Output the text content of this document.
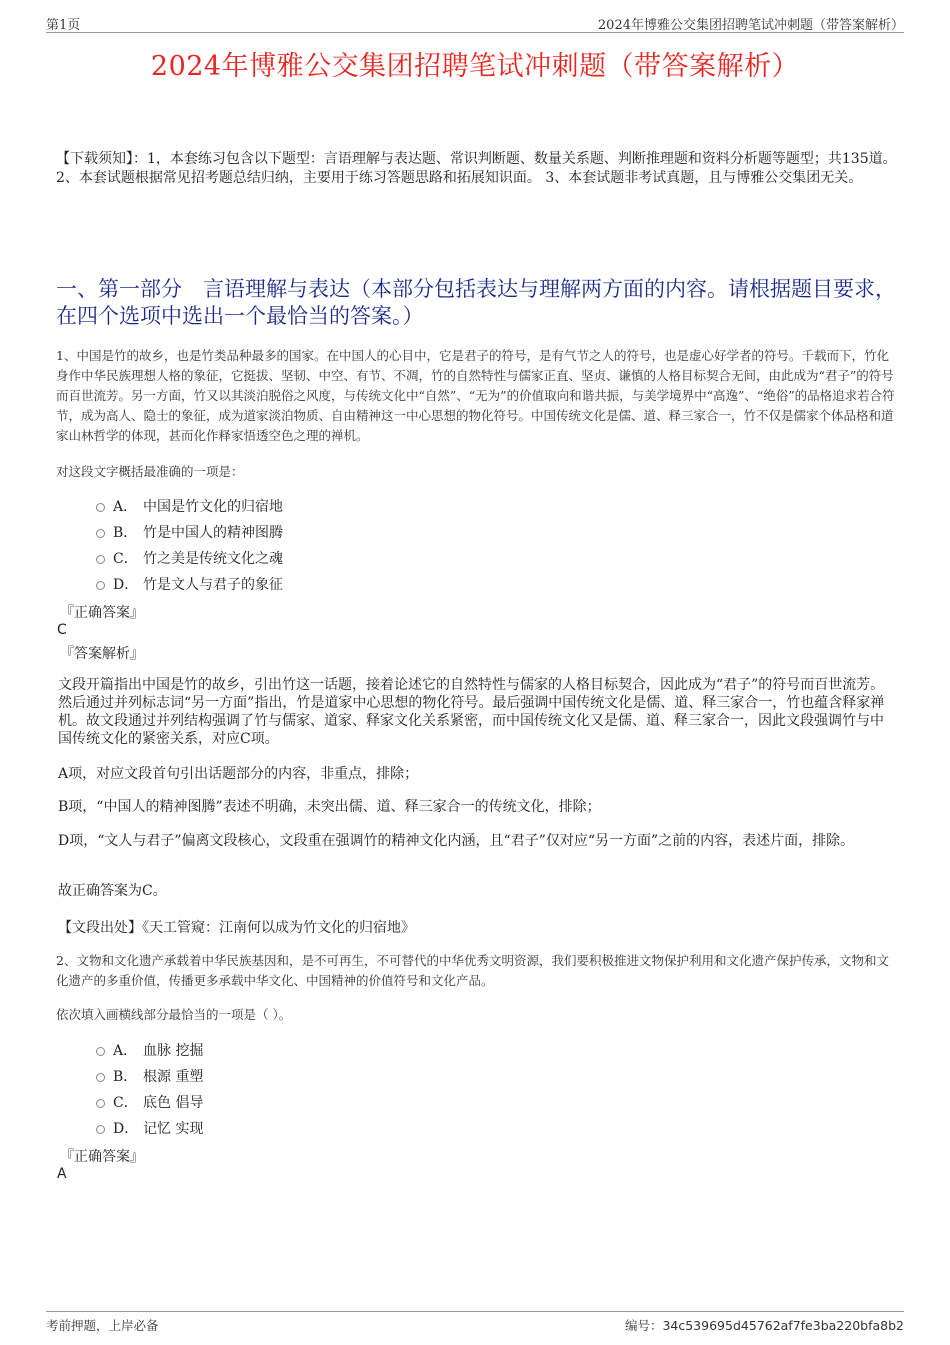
第1页	2024年博雅公交集团招聘笔试冲刺题（带答案解析）
2024年博雅公交集团招聘笔试冲刺题（带答案解析）
【下载须知】：1，本套练习包含以下题型：言语理解与表达题、常识判断题、数量关系题、判断推理题和资料分析题等题型；共135道。 2、本套试题根据常见招考题总结归纳，主要用于练习答题思路和拓展知识面。 3、本套试题非考试真题，且与博雅公交集团无关。
一、第一部分　言语理解与表达（本部分包括表达与理解两方面的内容。请根据题目要求，在四个选项中选出一个最恰当的答案。）
1、中国是竹的故乡，也是竹类品种最多的国家。在中国人的心目中，它是君子的符号，是有气节之人的符号，也是虚心好学者的符号。千载而下，竹化身作中华民族理想人格的象征，它挺拔、坚韧、中空、有节、不凋，竹的自然特性与儒家正直、坚贞、谦慎的人格目标契合无间，由此成为“君子”的符号而百世流芳。另一方面，竹又以其淡泊脱俗之风度，与传统文化中“自然”、“无为”的价值取向和谐共振，与美学境界中“高逸”、“绝俗”的品格追求若合符节，成为高人、隐士的象征，成为道家淡泊物质、自由精神这一中心思想的物化符号。中国传统文化是儒、道、释三家合一，竹不仅是儒家个体品格和道家山林哲学的体现，甚而化作释家悟透空色之理的禅机。
对这段文字概括最准确的一项是：
A． 中国是竹文化的归宿地
B． 竹是中国人的精神图腾
C． 竹之美是传统文化之魂
D． 竹是文人与君子的象征
『正确答案』
C
『答案解析』
文段开篇指出中国是竹的故乡，引出竹这一话题，接着论述它的自然特性与儒家的人格目标契合，因此成为“君子”的符号而百世流芳。然后通过并列标志词“另一方面”指出，竹是道家中心思想的物化符号。最后强调中国传统文化是儒、道、释三家合一，竹也蕴含释家禅机。故文段通过并列结构强调了竹与儒家、道家、释家文化关系紧密，而中国传统文化又是儒、道、释三家合一，因此文段强调竹与中国传统文化的紧密关系，对应C项。
A项，对应文段首句引出话题部分的内容，非重点，排除；
B项，“中国人的精神图腾”表述不明确，未突出儒、道、释三家合一的传统文化，排除；
D项，“文人与君子”偏离文段核心，文段重在强调竹的精神文化内涵，且“君子”仅对应“另一方面”之前的内容，表述片面，排除。
故正确答案为C。
【文段出处】《天工管窥：江南何以成为竹文化的归宿地》
2、文物和文化遗产承载着中华民族基因和，是不可再生，不可替代的中华优秀文明资源，我们要积极推进文物保护利用和文化遗产保护传承，文物和文化遗产的多重价值，传播更多承载中华文化、中国精神的价值符号和文化产品。
依次填入画横线部分最恰当的一项是（ ）。
A． 血脉 挖掘
B． 根源 重塑
C． 底色 倡导
D． 记忆 实现
『正确答案』
A
考前押题，上岸必备	编号：34c539695d45762af7fe3ba220bfa8b2
